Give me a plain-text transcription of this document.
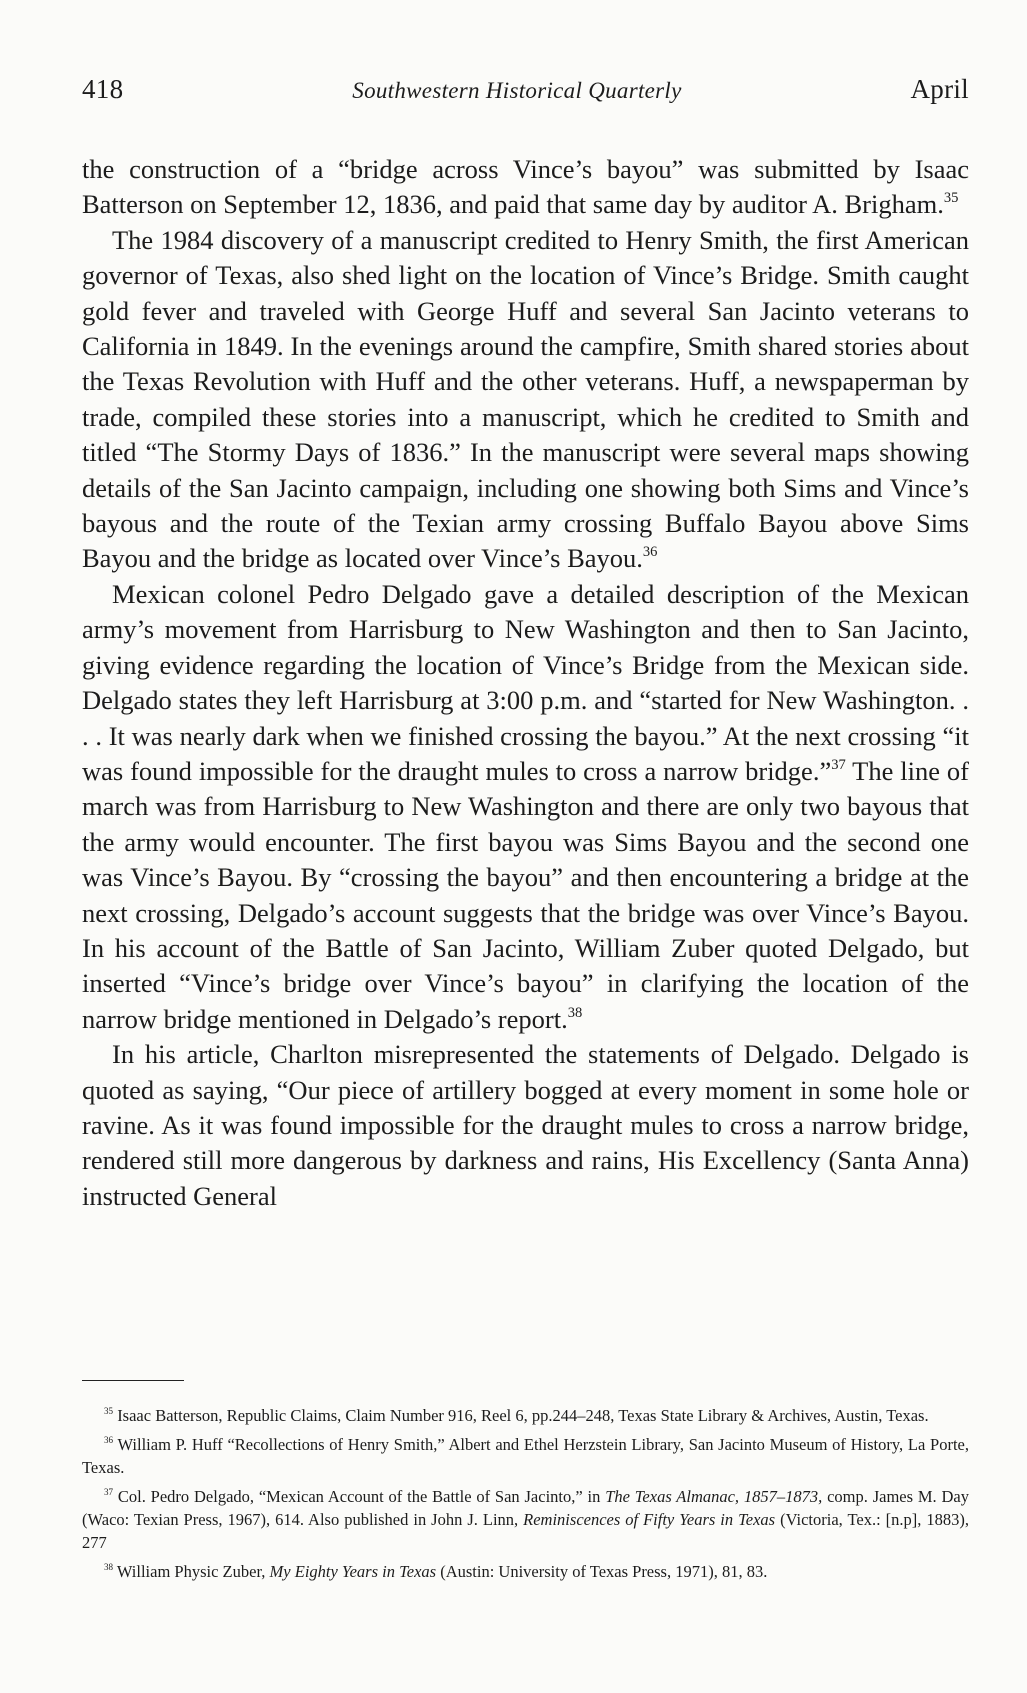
418	Southwestern Historical Quarterly	April

the construction of a “bridge across Vince’s bayou” was submitted by Isaac Batterson on September 12, 1836, and paid that same day by auditor A. Brigham.$^{35}$

The 1984 discovery of a manuscript credited to Henry Smith, the first American governor of Texas, also shed light on the location of Vince’s Bridge. Smith caught gold fever and traveled with George Huff and several San Jacinto veterans to California in 1849. In the evenings around the campfire, Smith shared stories about the Texas Revolution with Huff and the other veterans. Huff, a newspaperman by trade, compiled these stories into a manuscript, which he credited to Smith and titled “The Stormy Days of 1836.” In the manuscript were several maps showing details of the San Jacinto campaign, including one showing both Sims and Vince’s bayous and the route of the Texian army crossing Buffalo Bayou above Sims Bayou and the bridge as located over Vince’s Bayou.$^{36}$

Mexican colonel Pedro Delgado gave a detailed description of the Mexican army’s movement from Harrisburg to New Washington and then to San Jacinto, giving evidence regarding the location of Vince’s Bridge from the Mexican side. Delgado states they left Harrisburg at 3:00 p.m. and “started for New Washington. . . . It was nearly dark when we finished crossing the bayou.” At the next crossing “it was found impossible for the draught mules to cross a narrow bridge.”$^{37}$ The line of march was from Harrisburg to New Washington and there are only two bayous that the army would encounter. The first bayou was Sims Bayou and the second one was Vince’s Bayou. By “crossing the bayou” and then encountering a bridge at the next crossing, Delgado’s account suggests that the bridge was over Vince’s Bayou. In his account of the Battle of San Jacinto, William Zuber quoted Delgado, but inserted “Vince’s bridge over Vince’s bayou” in clarifying the location of the narrow bridge mentioned in Delgado’s report.$^{38}$

In his article, Charlton misrepresented the statements of Delgado. Delgado is quoted as saying, “Our piece of artillery bogged at every moment in some hole or ravine. As it was found impossible for the draught mules to cross a narrow bridge, rendered still more dangerous by darkness and rains, His Excellency (Santa Anna) instructed General

$^{35}$ Isaac Batterson, Republic Claims, Claim Number 916, Reel 6, pp.244–248, Texas State Library & Archives, Austin, Texas.

$^{36}$ William P. Huff “Recollections of Henry Smith,” Albert and Ethel Herzstein Library, San Jacinto Museum of History, La Porte, Texas.

$^{37}$ Col. Pedro Delgado, “Mexican Account of the Battle of San Jacinto,” in The Texas Almanac, 1857–1873, comp. James M. Day (Waco: Texian Press, 1967), 614. Also published in John J. Linn, Reminiscences of Fifty Years in Texas (Victoria, Tex.: [n.p], 1883), 277

$^{38}$ William Physic Zuber, My Eighty Years in Texas (Austin: University of Texas Press, 1971), 81, 83.
